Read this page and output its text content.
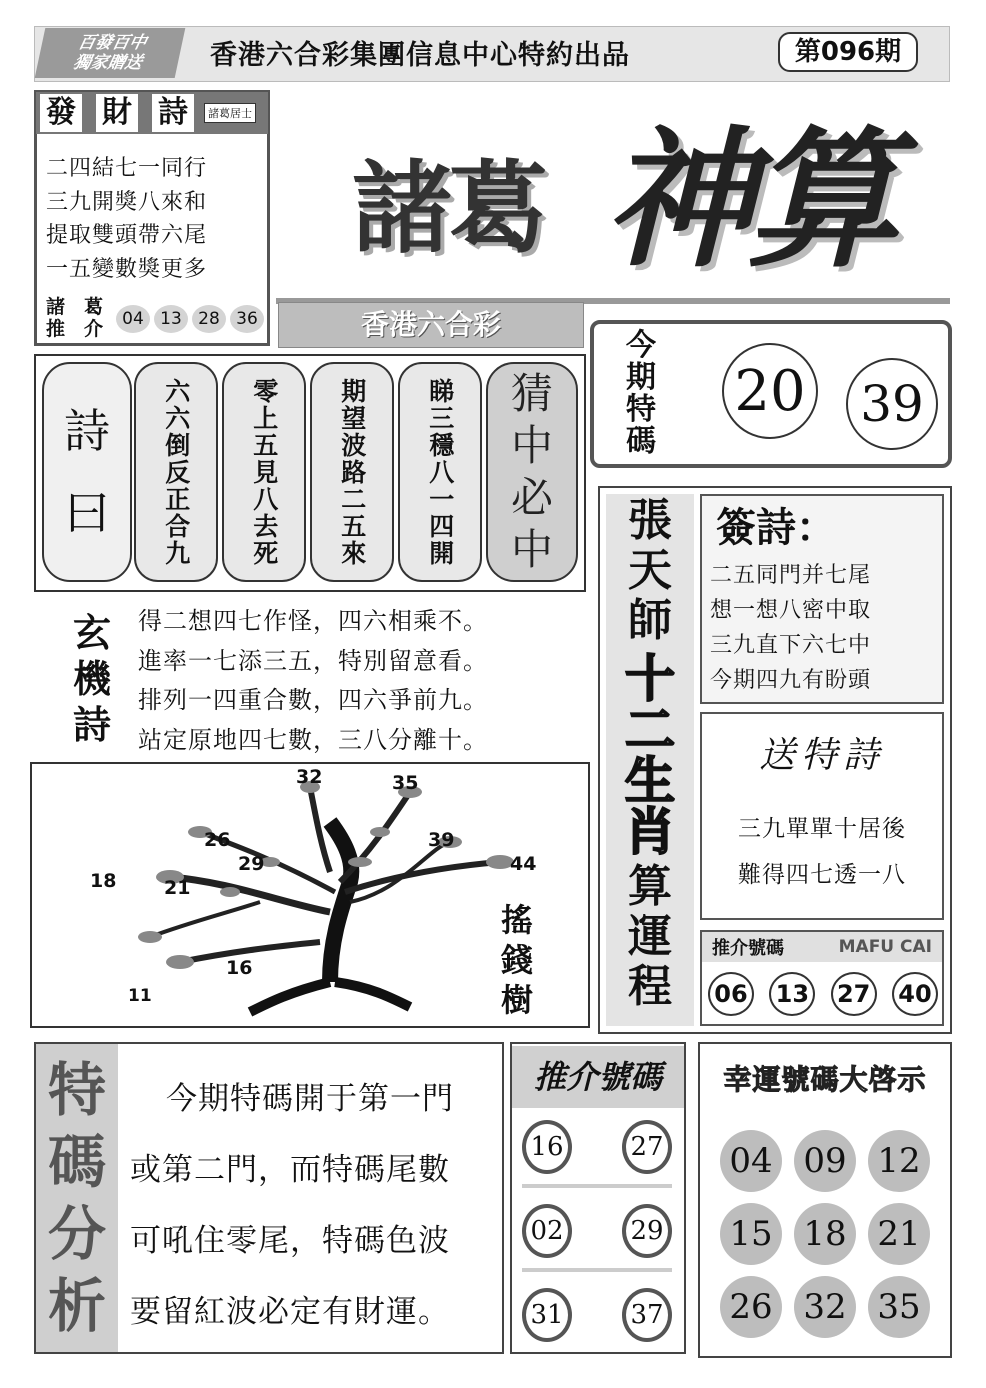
百發百中
獨家贈送 香港六合彩集團信息中心特約出品	第096期
發 財 詩	諸葛居士
二四結七一同行
三九開獎八來和
提取雙頭帶六尾
一五變數獎更多
諸　葛
推　介	04 13 28 36
諸葛 神算
香港六合彩
今
期
特
碼
20 39
詩
曰 六六倒反正合九 零上五見八去死 期望波路二五來 睇三穩八一四開 猜
中
必
中
玄
機
詩
得二想四七作怪，四六相乘不。
進率一七添三五，特別留意看。
排列一四重合數，四六爭前九。
站定原地四七數，三八分離十。
32	35
26
29
39
44
18	21
16
11
搖
錢
樹
張
天
師
十
二
生
肖
算
運
程
簽詩：
二五同門并七尾
想一想八密中取
三九直下六七中
今期四九有盼頭
送特詩
三九單單十居後
難得四七透一八
推介號碼	MAFU CAI
06 13 27 40
特
碼
分
析
今期特碼開于第一門
或第二門，而特碼尾數
可吼住零尾，特碼色波
要留紅波必定有財運。
推介號碼
16	27
02	29
31	37
幸運號碼大啓示
04 09 12
15 18 21
26 32 35
